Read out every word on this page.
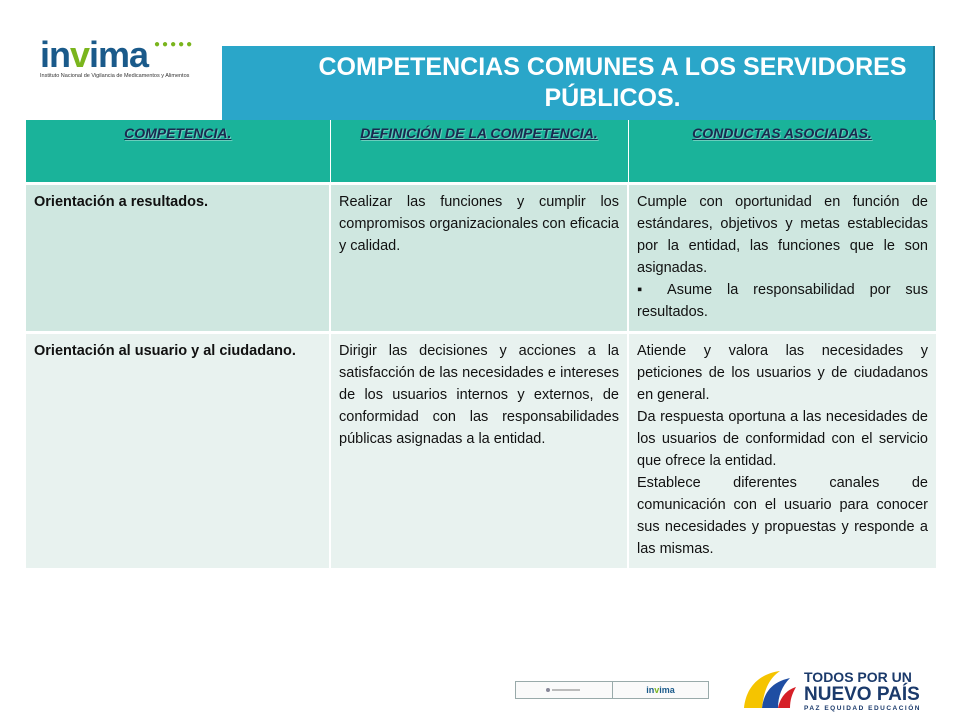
invima ●●●●●
Instituto Nacional de Vigilancia de Medicamentos y Alimentos	COMPETENCIAS COMUNES A LOS SERVIDORES PÚBLICOS.
COMPETENCIA.	DEFINICIÓN DE LA COMPETENCIA.	CONDUCTAS ASOCIADAS.
Orientación a resultados.	Realizar las funciones y cumplir los compromisos organizacionales con eficacia y calidad.	Cumple con oportunidad en función de estándares, objetivos y metas establecidas por la entidad, las funciones que le son asignadas.
▪ Asume la responsabilidad por sus resultados.

Orientación al usuario y al ciudadano.	Dirigir las decisiones y acciones a la satisfacción de las necesidades e intereses de los usuarios internos y externos, de conformidad con las responsabilidades públicas asignadas a la entidad.	Atiende y valora las necesidades y peticiones de los usuarios y de ciudadanos en general.
Da respuesta oportuna a las necesidades de los usuarios de conformidad con el servicio que ofrece la entidad.
Establece diferentes canales de comunicación con el usuario para conocer sus necesidades y propuestas y responde a las mismas.
in v ima
TODOS POR UN
NUEVO PAÍS
PAZ EQUIDAD EDUCACIÓN
